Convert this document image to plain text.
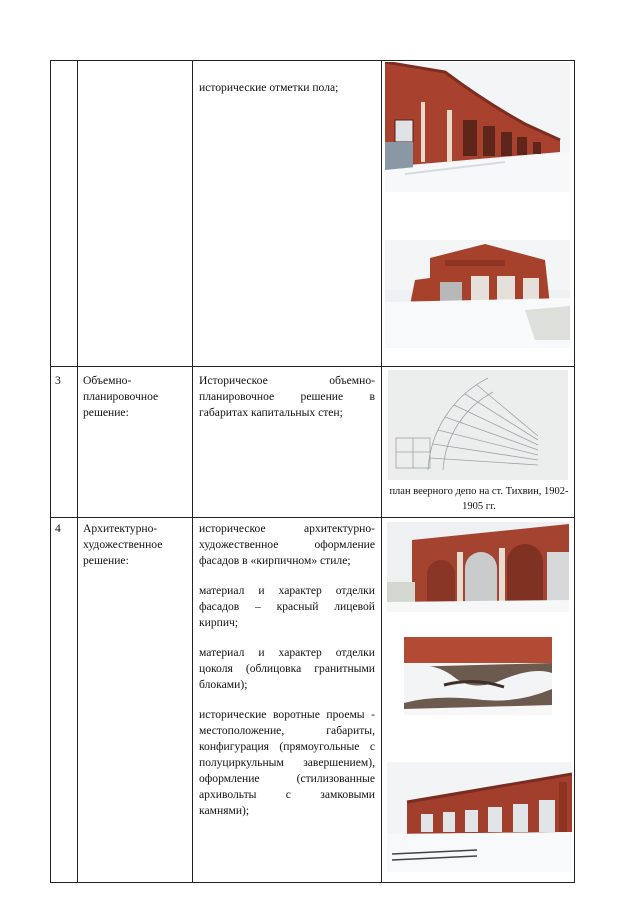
исторические отметки пола;
3	Объемно-планировочное решение:
Историческое объемно-планировочное решение в габаритах капитальных стен;
план веерного депо на ст. Тихвин, 1902-1905 гг.
4	Архитектурно-художественное решение:

историческое архитектурно-художественное оформление фасадов в «кирпичном» стиле;

материал и характер отделки фасадов – красный лицевой кирпич;

материал и характер отделки цоколя (облицовка гранитными блоками);

исторические воротные проемы - местоположение, габариты, конфигурация (прямоугольные с полуциркульным завершением), оформление (стилизованные архивольты с замковыми камнями);
